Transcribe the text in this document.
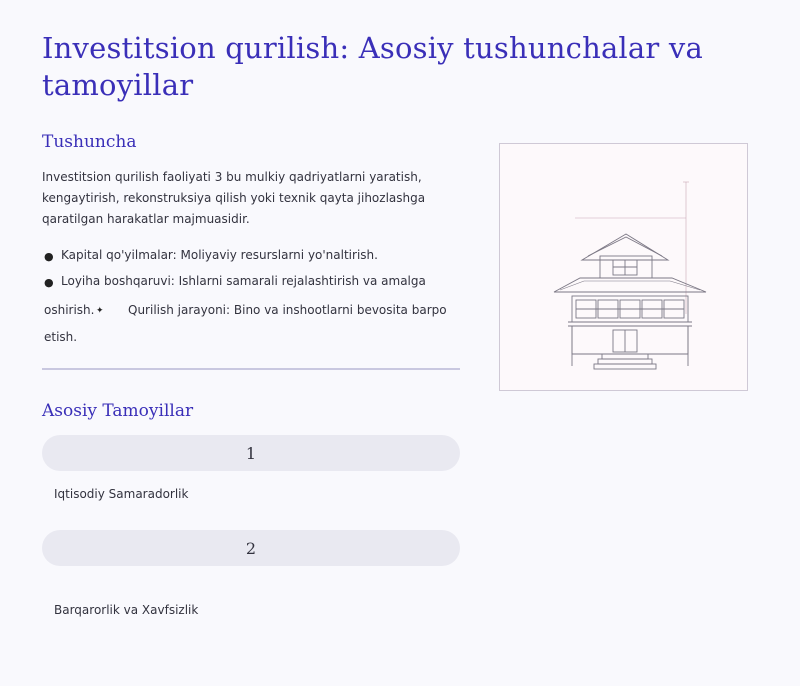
Investitsion qurilish: Asosiy tushunchalar va tamoyillar
Tushuncha

Investitsion qurilish faoliyati 3 bu mulkiy qadriyatlarni yaratish, kengaytirish, rekonstruksiya qilish yoki texnik qayta jihozlashga qaratilgan harakatlar majmuasidir.

● Kapital qo'yilmalar: Moliyaviy resurslarni yo'naltirish.
● Loyiha boshqaruvi: Ishlarni samarali rejalashtirish va amalga
oshirish. ✦ Qurilish jarayoni: Bino va inshootlarni bevosita barpo
etish.
Asosiy Tamoyillar
1
Iqtisodiy Samaradorlik
2
Barqarorlik va Xavfsizlik
